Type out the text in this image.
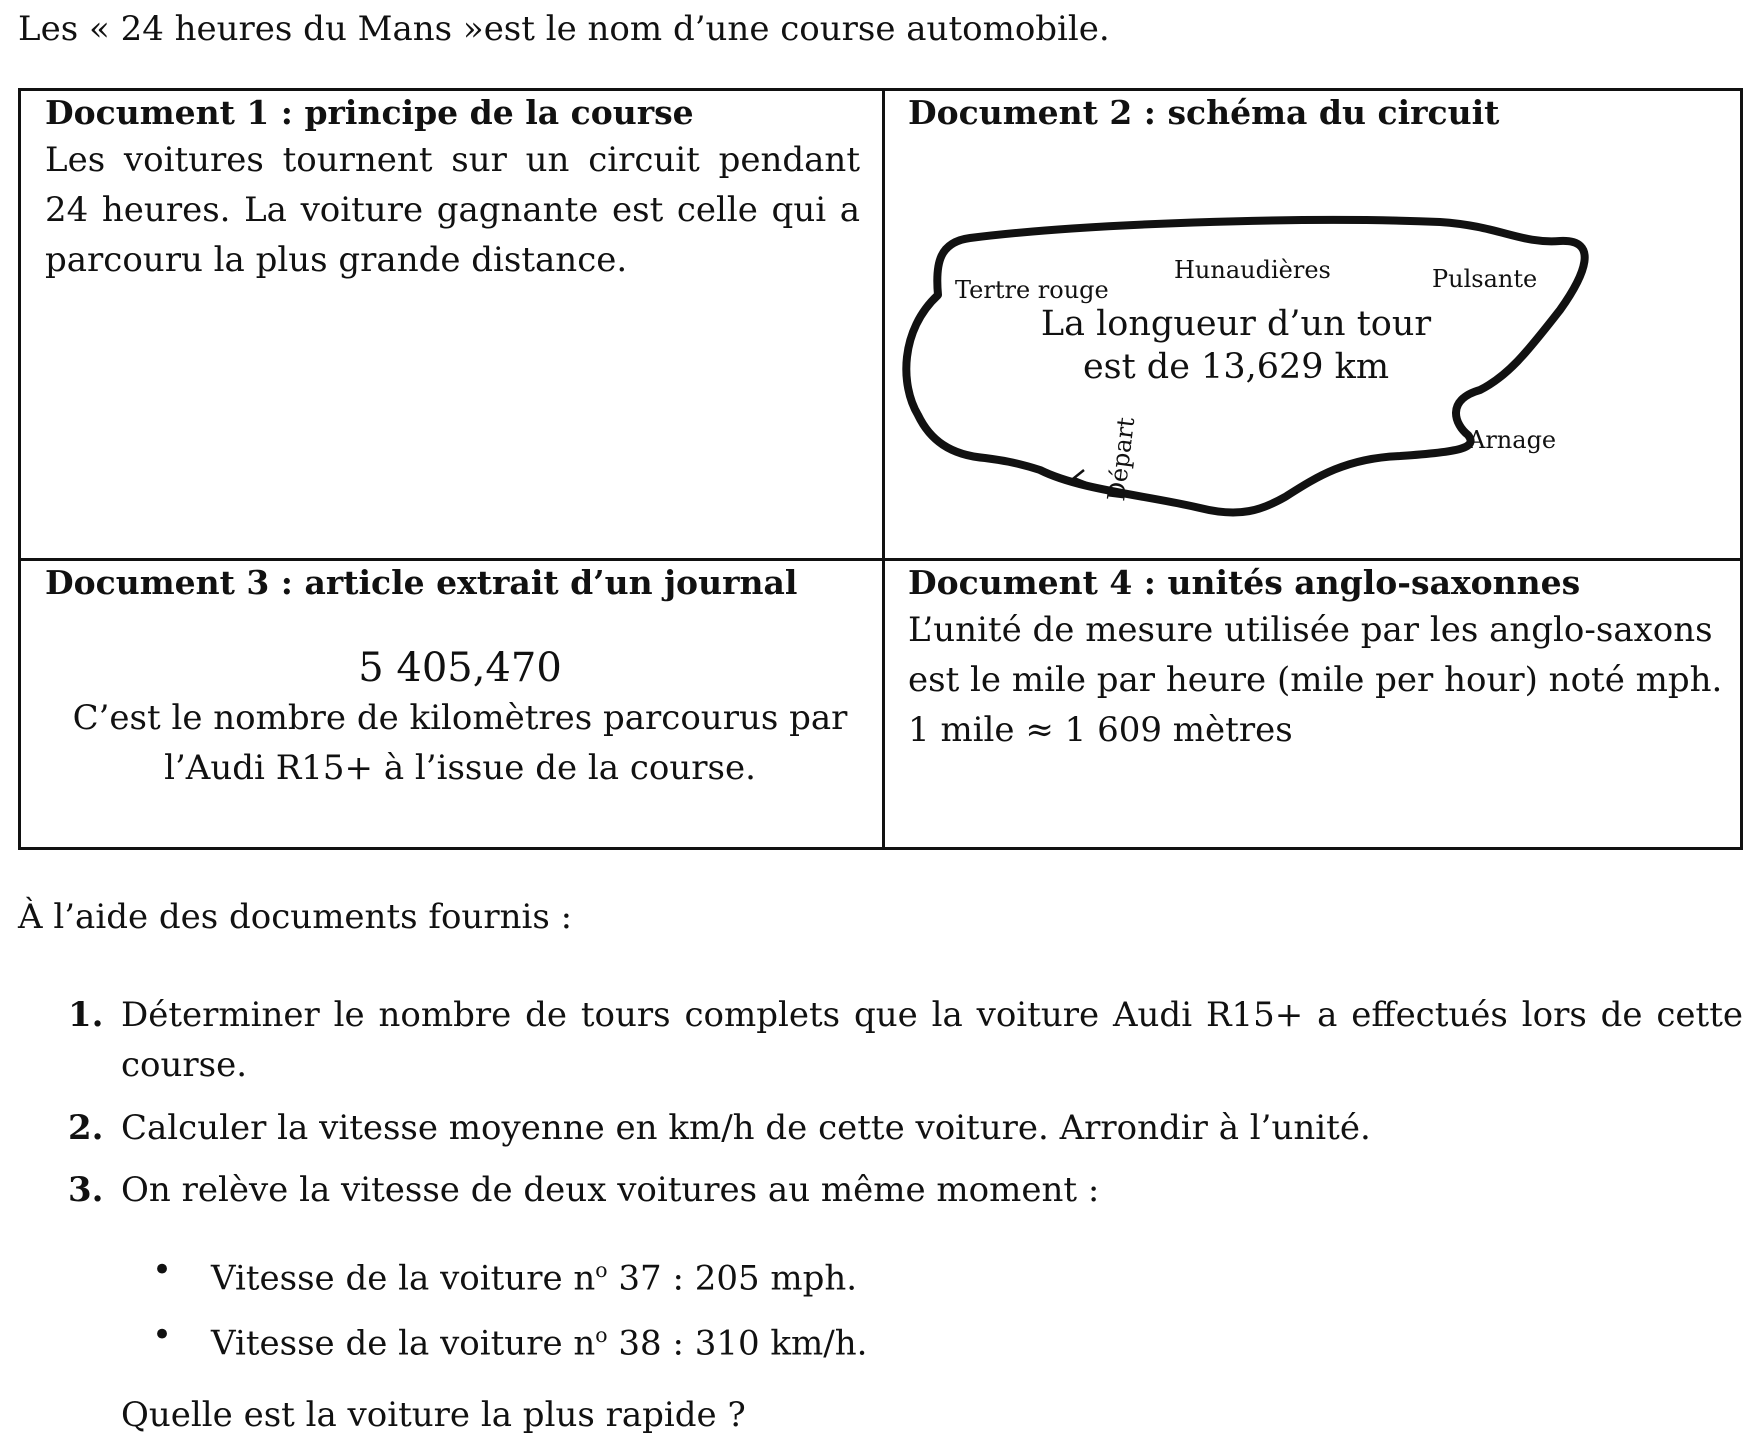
Les « 24 heures du Mans »est le nom d’une course automobile.
Document 1 : principe de la course
Les voitures tournent sur un circuit pendant 24 heures. La voiture gagnante est celle qui a parcouru la plus grande distance.
Document 2 : schéma du circuit
Document 3 : article extrait d’un journal
5 405,470
C’est le nombre de kilomètres parcourus par l’Audi R15+ à l’issue de la course.
Document 4 : unités anglo-saxonnes
L’unité de mesure utilisée par les anglo-saxons
est le mile par heure (mile per hour) noté mph.
1 mile ≈ 1 609 mètres
Tertre rouge
Hunaudières	Pulsante
Arnage
La longueur d’un tour
est de 13,629 km
Départ
À l’aide des documents fournis :
1. Déterminer le nombre de tours complets que la voiture Audi R15+ a effectués lors de cette course.
2. Calculer la vitesse moyenne en km/h de cette voiture. Arrondir à l’unité.
3. On relève la vitesse de deux voitures au même moment :
• Vitesse de la voiture $n^o$ 37 : 205 mph.
• Vitesse de la voiture $n^o$ 38 : 310 km/h.
Quelle est la voiture la plus rapide ?
